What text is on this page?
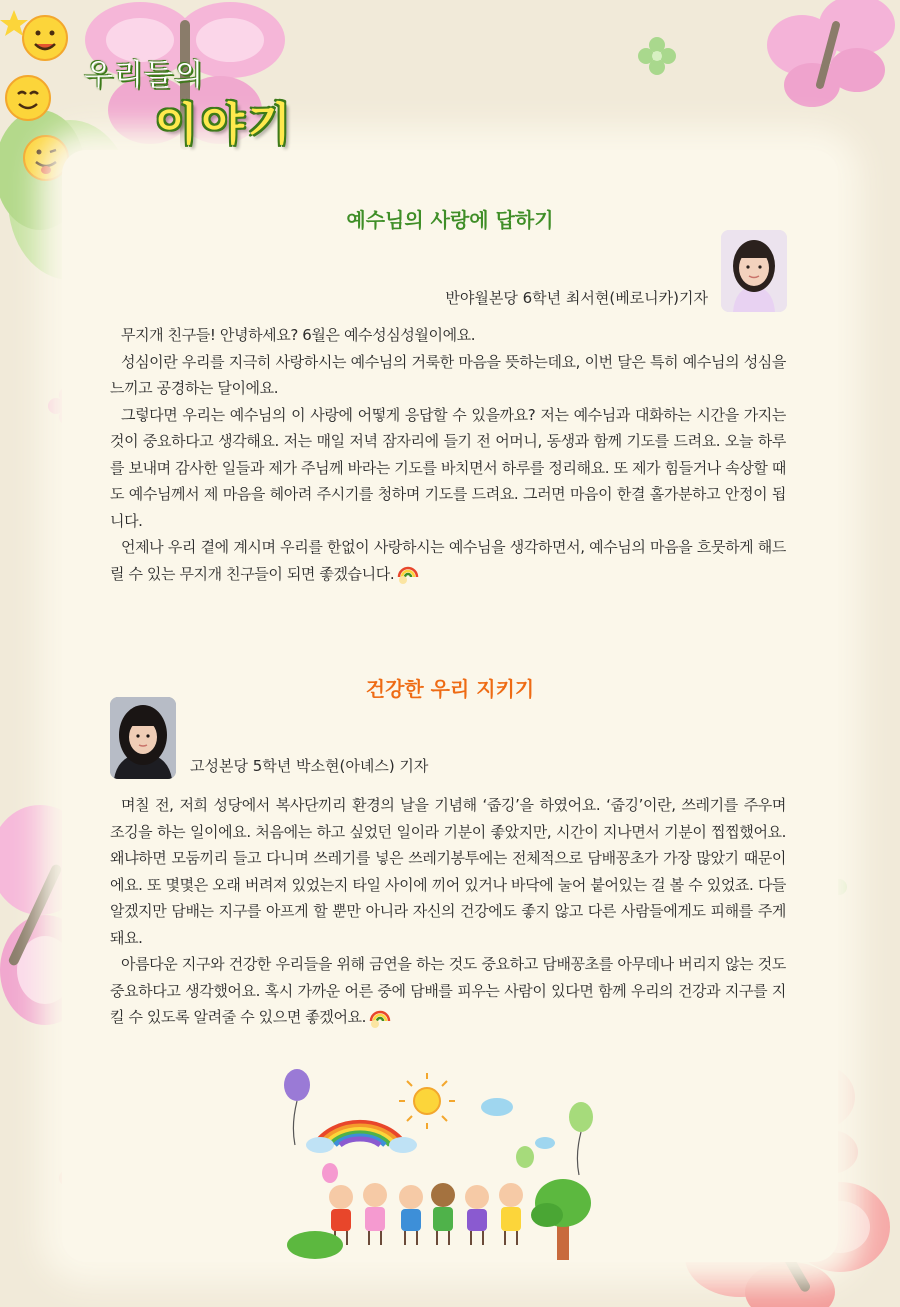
우리들의
이야기
예수님의 사랑에 답하기
반야월본당 6학년 최서현(베로니카)기자

무지개 친구들! 안녕하세요? 6월은 예수성심성월이에요.

성심이란 우리를 지극히 사랑하시는 예수님의 거룩한 마음을 뜻하는데요, 이번 달은 특히 예수님의 성심을 느끼고 공경하는 달이에요.

그렇다면 우리는 예수님의 이 사랑에 어떻게 응답할 수 있을까요? 저는 예수님과 대화하는 시간을 가지는 것이 중요하다고 생각해요. 저는 매일 저녁 잠자리에 들기 전 어머니, 동생과 함께 기도를 드려요. 오늘 하루를 보내며 감사한 일들과 제가 주님께 바라는 기도를 바치면서 하루를 정리해요. 또 제가 힘들거나 속상할 때도 예수님께서 제 마음을 헤아려 주시기를 청하며 기도를 드려요. 그러면 마음이 한결 홀가분하고 안정이 됩니다.

언제나 우리 곁에 계시며 우리를 한없이 사랑하시는 예수님을 생각하면서, 예수님의 마음을 흐뭇하게 해드릴 수 있는 무지개 친구들이 되면 좋겠습니다.

건강한 우리 지키기
고성본당 5학년 박소현(아녜스) 기자

며칠 전, 저희 성당에서 복사단끼리 환경의 날을 기념해 ‘줍깅’을 하였어요. ‘줍깅’이란, 쓰레기를 주우며 조깅을 하는 일이에요. 처음에는 하고 싶었던 일이라 기분이 좋았지만, 시간이 지나면서 기분이 찝찝했어요. 왜냐하면 모둠끼리 들고 다니며 쓰레기를 넣은 쓰레기봉투에는 전체적으로 담배꽁초가 가장 많았기 때문이에요. 또 몇몇은 오래 버려져 있었는지 타일 사이에 끼어 있거나 바닥에 눌어 붙어있는 걸 볼 수 있었죠. 다들 알겠지만 담배는 지구를 아프게 할 뿐만 아니라 자신의 건강에도 좋지 않고 다른 사람들에게도 피해를 주게 돼요.

아름다운 지구와 건강한 우리들을 위해 금연을 하는 것도 중요하고 담배꽁초를 아무데나 버리지 않는 것도 중요하다고 생각했어요. 혹시 가까운 어른 중에 담배를 피우는 사람이 있다면 함께 우리의 건강과 지구를 지킬 수 있도록 알려줄 수 있으면 좋겠어요.
